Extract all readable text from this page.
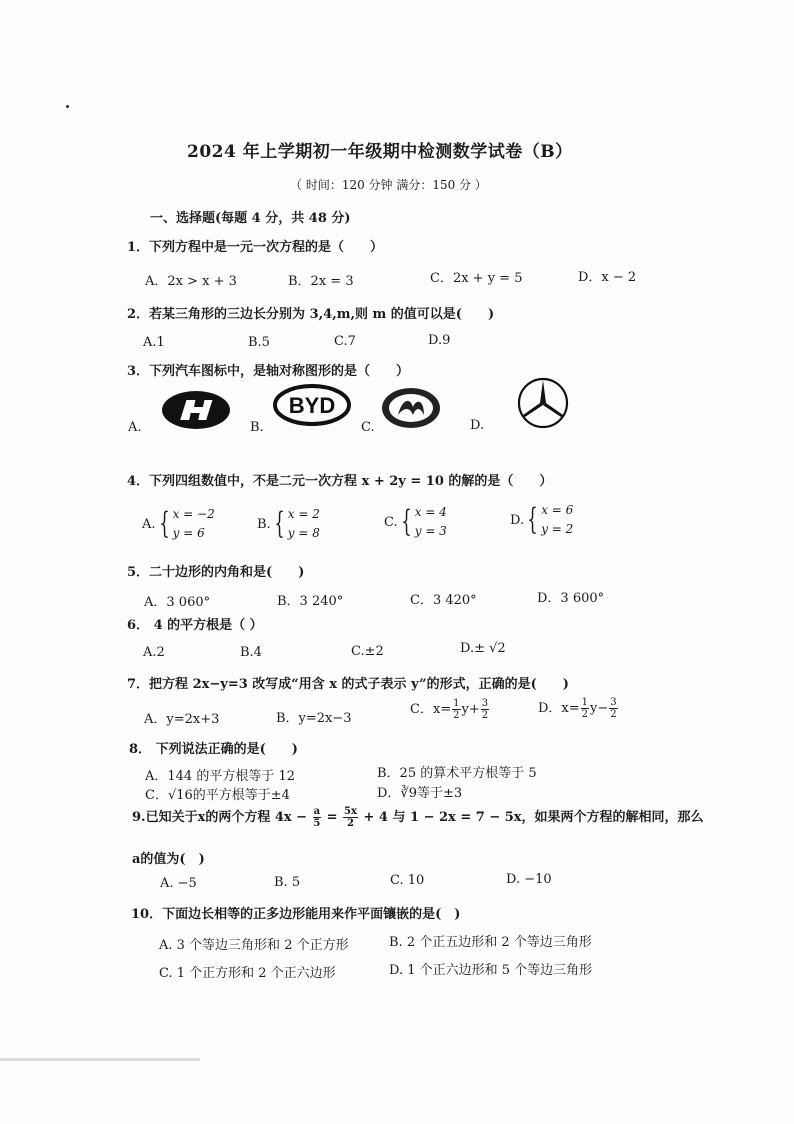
2024 年上学期初一年级期中检测数学试卷（B）
（ 时间：120 分钟 满分：150 分 ）
一、选择题(每题 4 分，共 48 分)
1．下列方程中是一元一次方程的是（　　）
A．2x > x + 3	B．2x = 3	C．2x + y = 5	D．x − 2
2．若某三角形的三边长分别为 3,4,m,则 m 的值可以是(　　)
A.1	B.5	C.7	D.9
3．下列汽车图标中，是轴对称图形的是（　　）
A.	B.
BYD
C.	D.
4．下列四组数值中，不是二元一次方程 x + 2y = 10 的解的是（　　）
A. { x = −2
y = 6
B. { x = 2
y = 8
C. { x = 4
y = 3
D. { x = 6
y = 2
5．二十边形的内角和是(　　)
A．3 060°	B．3 240°	C．3 420°	D．3 600°
6． 4 的平方根是（ ）
A.2	B.4	C.±2	D.± √2
7．把方程 2x−y=3 改写成“用含 x 的式子表示 y”的形式，正确的是(　　)
A．y=2x+3	B．y=2x−3
C．$x= \frac{1}{2} y+ \frac{3}{2}$	D．$x= \frac{1}{2} y- \frac{3}{2}$
8． 下列说法正确的是(　　)
A．144 的平方根等于 12	B．25 的算术平方根等于 5
C．√16的平方根等于±4	D．∛9等于±3
9.已知关于x的两个方程 $4x - \frac{a}{5} = \frac{5x}{2} + 4$ 与 1 − 2x = 7 − 5x，如果两个方程的解相同，那么
a的值为(　)
A. −5	B. 5	C. 10	D. −10
10．下面边长相等的正多边形能用来作平面镶嵌的是(　)
A. 3 个等边三角形和 2 个正方形	B. 2 个正五边形和 2 个等边三角形
C. 1 个正方形和 2 个正六边形	D. 1 个正六边形和 5 个等边三角形
